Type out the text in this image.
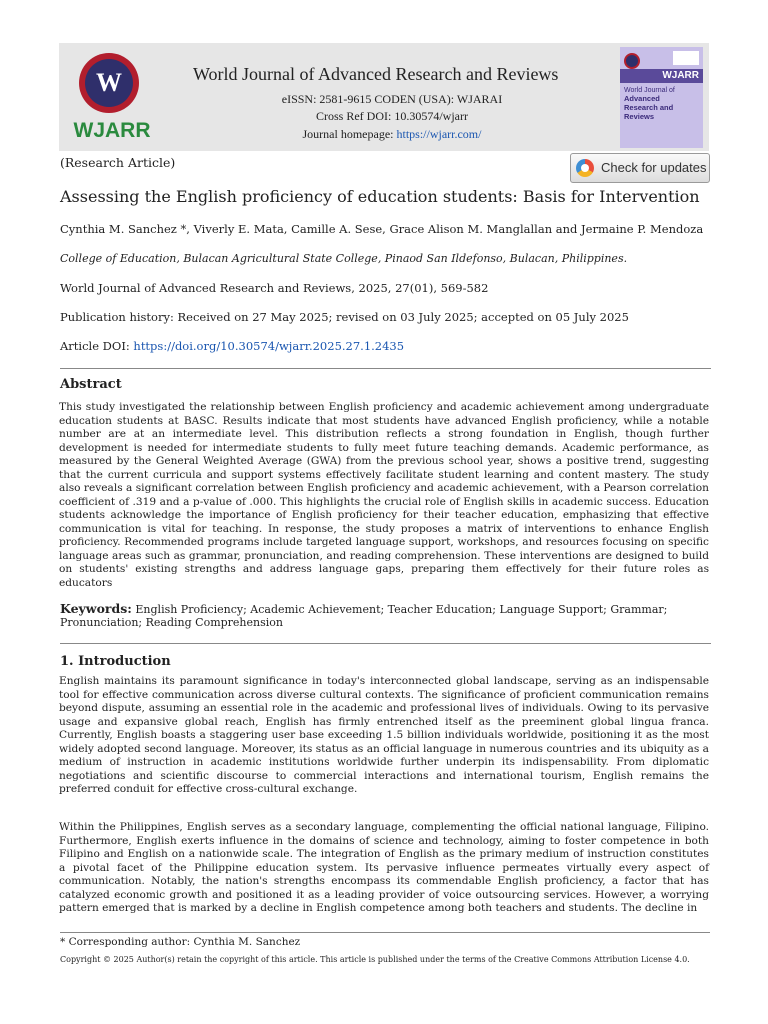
W
WJARR
World Journal of Advanced Research and Reviews
eISSN: 2581-9615 CODEN (USA): WJARAI
Cross Ref DOI: 10.30574/wjarr
Journal homepage: https://wjarr.com/
WJARR
World Journal of
Advanced
Research and
Reviews
(Research Article)	Check for updates
Assessing the English proficiency of education students: Basis for Intervention
Cynthia M. Sanchez *, Viverly E. Mata, Camille A. Sese, Grace Alison M. Manglallan and Jermaine P. Mendoza
College of Education, Bulacan Agricultural State College, Pinaod San Ildefonso, Bulacan, Philippines.
World Journal of Advanced Research and Reviews, 2025, 27(01), 569-582
Publication history: Received on 27 May 2025; revised on 03 July 2025; accepted on 05 July 2025
Article DOI: https://doi.org/10.30574/wjarr.2025.27.1.2435
Abstract
This study investigated the relationship between English proficiency and academic achievement among undergraduate education students at BASC. Results indicate that most students have advanced English proficiency, while a notable number are at an intermediate level. This distribution reflects a strong foundation in English, though further development is needed for intermediate students to fully meet future teaching demands. Academic performance, as measured by the General Weighted Average (GWA) from the previous school year, shows a positive trend, suggesting that the current curricula and support systems effectively facilitate student learning and content mastery. The study also reveals a significant correlation between English proficiency and academic achievement, with a Pearson correlation coefficient of .319 and a p-value of .000. This highlights the crucial role of English skills in academic success. Education students acknowledge the importance of English proficiency for their teacher education, emphasizing that effective communication is vital for teaching. In response, the study proposes a matrix of interventions to enhance English proficiency. Recommended programs include targeted language support, workshops, and resources focusing on specific language areas such as grammar, pronunciation, and reading comprehension. These interventions are designed to build on students' existing strengths and address language gaps, preparing them effectively for their future roles as educators
Keywords: English Proficiency; Academic Achievement; Teacher Education; Language Support; Grammar;
Pronunciation; Reading Comprehension
1. Introduction
English maintains its paramount significance in today's interconnected global landscape, serving as an indispensable tool for effective communication across diverse cultural contexts. The significance of proficient communication remains beyond dispute, assuming an essential role in the academic and professional lives of individuals. Owing to its pervasive usage and expansive global reach, English has firmly entrenched itself as the preeminent global lingua franca. Currently, English boasts a staggering user base exceeding 1.5 billion individuals worldwide, positioning it as the most widely adopted second language. Moreover, its status as an official language in numerous countries and its ubiquity as a medium of instruction in academic institutions worldwide further underpin its indispensability. From diplomatic negotiations and scientific discourse to commercial interactions and international tourism, English remains the preferred conduit for effective cross-cultural exchange.
Within the Philippines, English serves as a secondary language, complementing the official national language, Filipino. Furthermore, English exerts influence in the domains of science and technology, aiming to foster competence in both Filipino and English on a nationwide scale. The integration of English as the primary medium of instruction constitutes a pivotal facet of the Philippine education system. Its pervasive influence permeates virtually every aspect of communication. Notably, the nation's strengths encompass its commendable English proficiency, a factor that has catalyzed economic growth and positioned it as a leading provider of voice outsourcing services. However, a worrying pattern emerged that is marked by a decline in English competence among both teachers and students. The decline in
* Corresponding author: Cynthia M. Sanchez
Copyright © 2025 Author(s) retain the copyright of this article. This article is published under the terms of the Creative Commons Attribution License 4.0.
